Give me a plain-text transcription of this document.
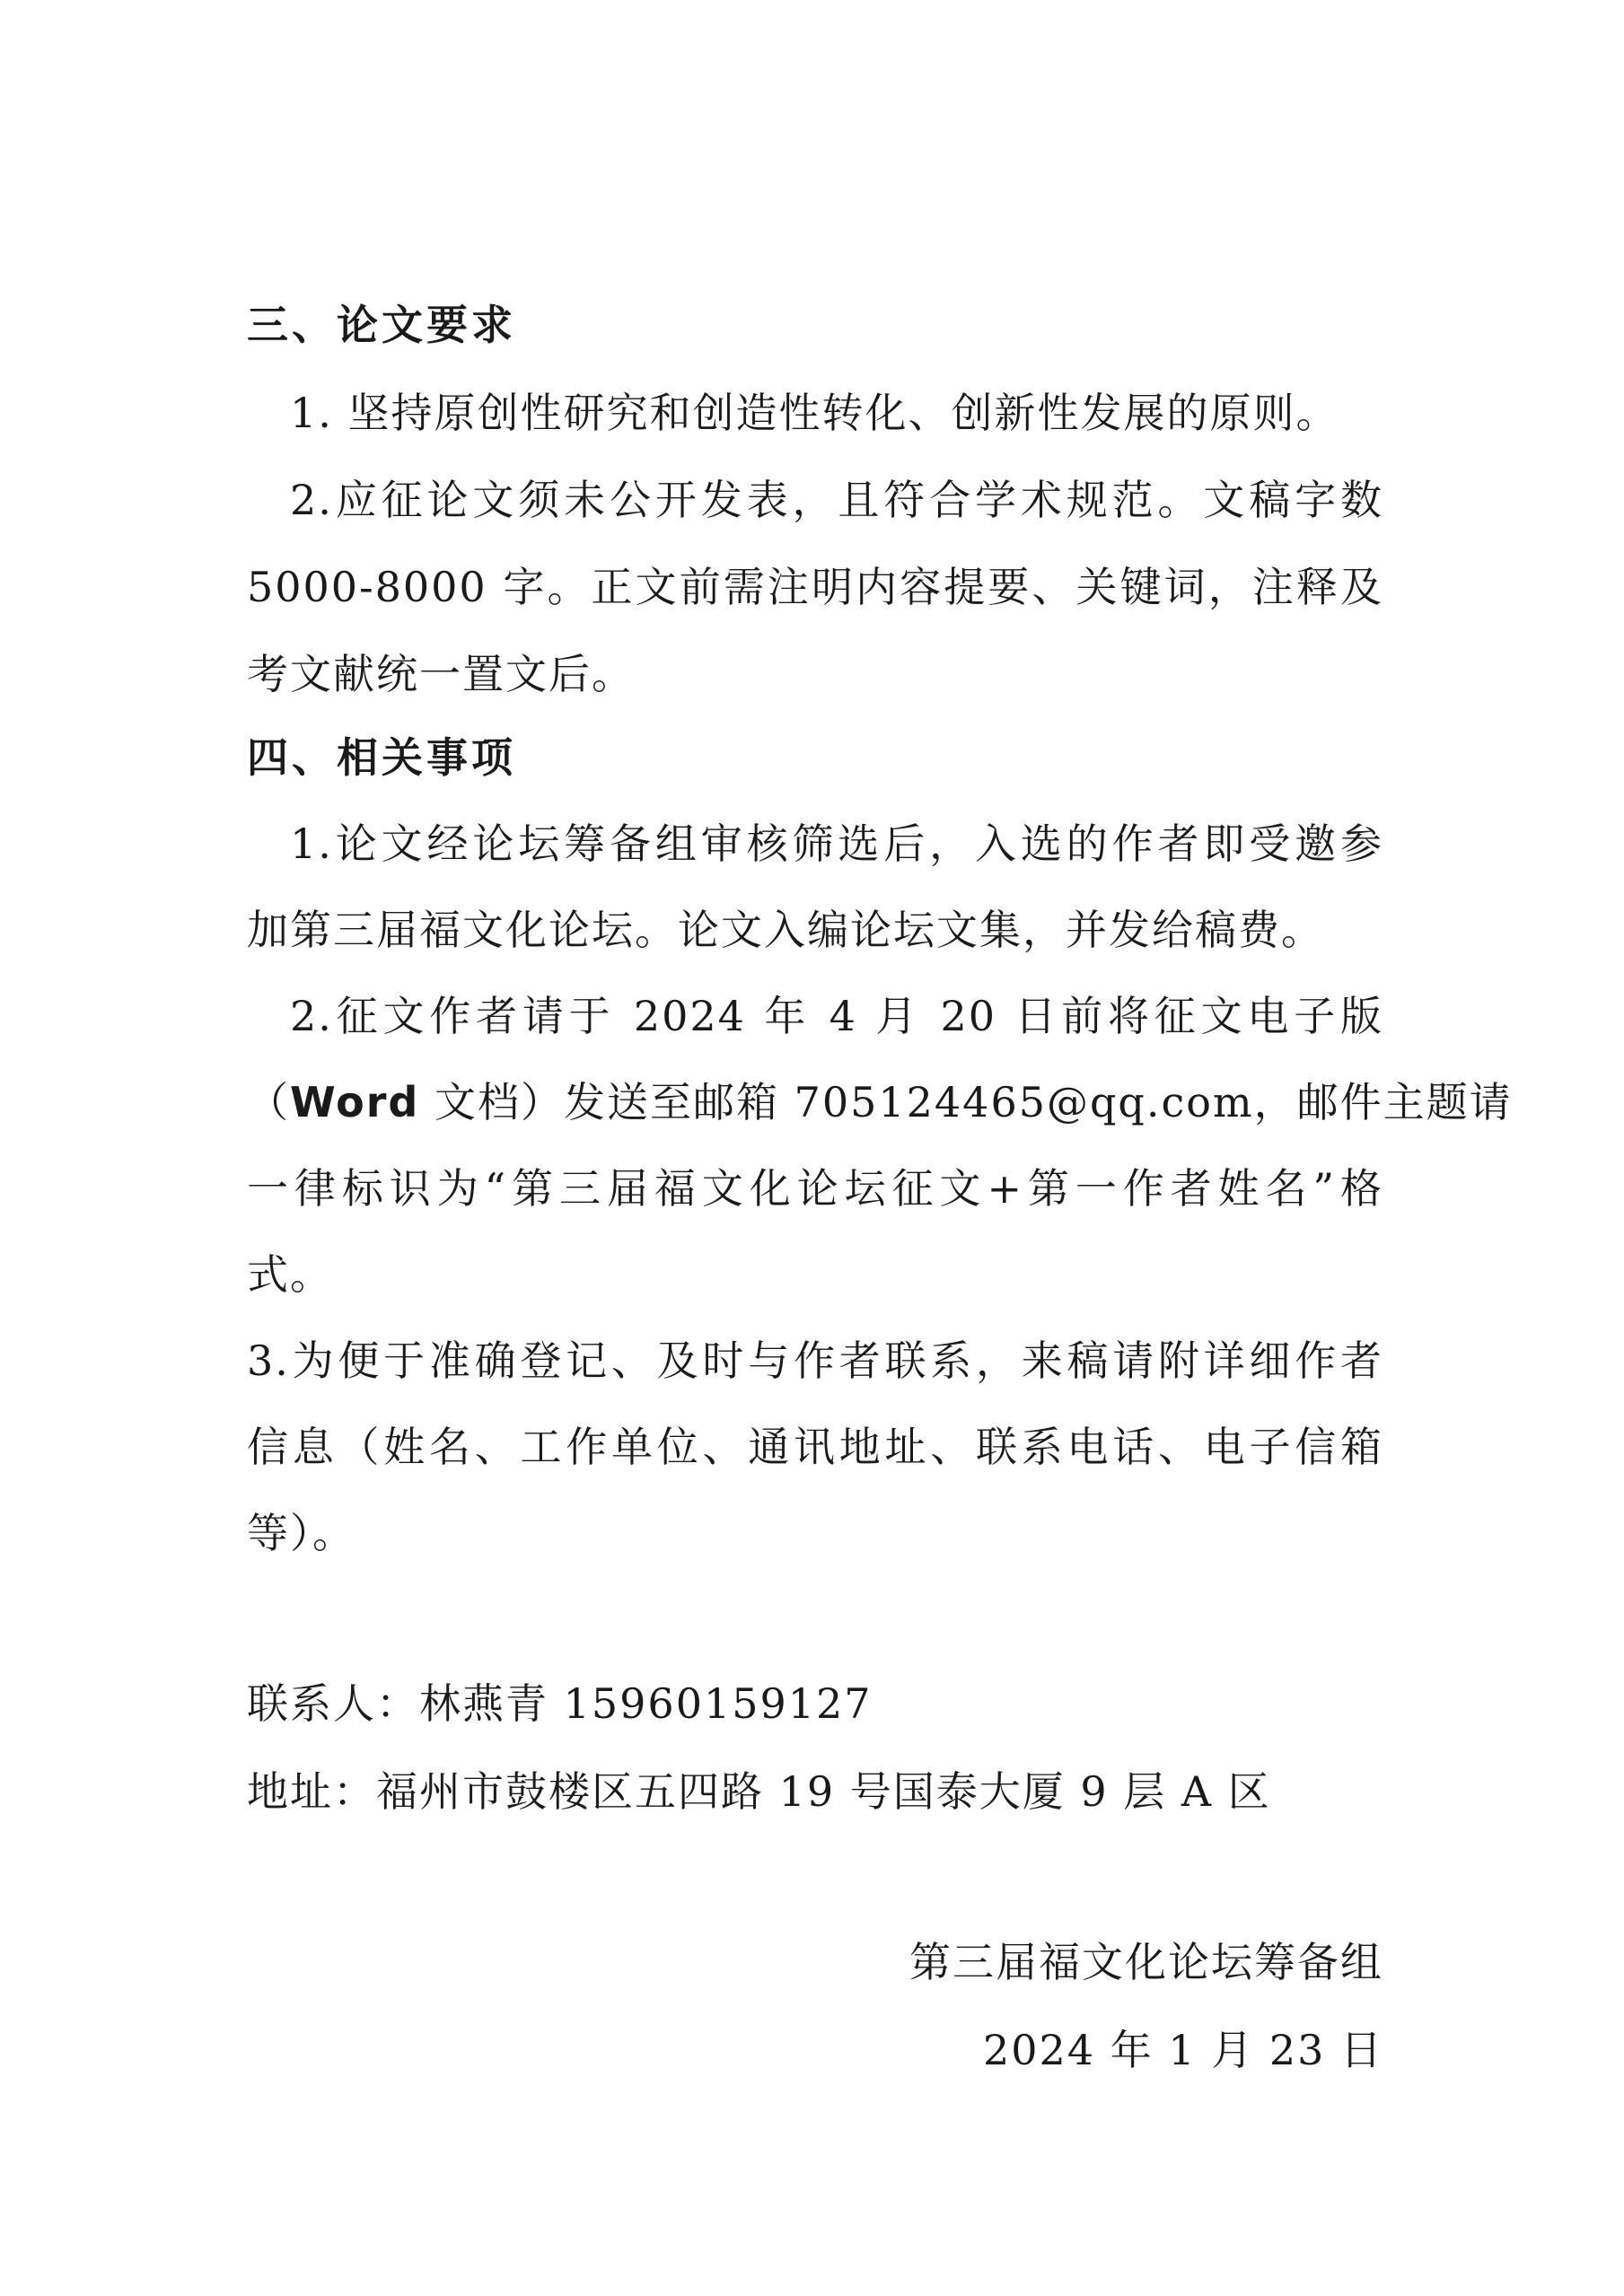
三、论文要求
1. 坚持原创性研究和创造性转化、创新性发展的原则。
2.应征论文须未公开发表，且符合学术规范。文稿字数
5000-8000 字。正文前需注明内容提要、关键词，注释及
考文献统一置文后。
四、相关事项
1.论文经论坛筹备组审核筛选后，入选的作者即受邀参
加第三届福文化论坛。论文入编论坛文集，并发给稿费。
2.征文作者请于 2024 年 4 月 20 日前将征文电子版
（Word 文档）发送至邮箱 705124465@qq.com，邮件主题请
一律标识为“第三届福文化论坛征文+第一作者姓名”格
式。
3.为便于准确登记、及时与作者联系，来稿请附详细作者
信息（姓名、工作单位、通讯地址、联系电话、电子信箱
等）。
联系人：林燕青 15960159127
地址：福州市鼓楼区五四路 19 号国泰大厦 9 层 A 区
第三届福文化论坛筹备组
2024 年 1 月 23 日
